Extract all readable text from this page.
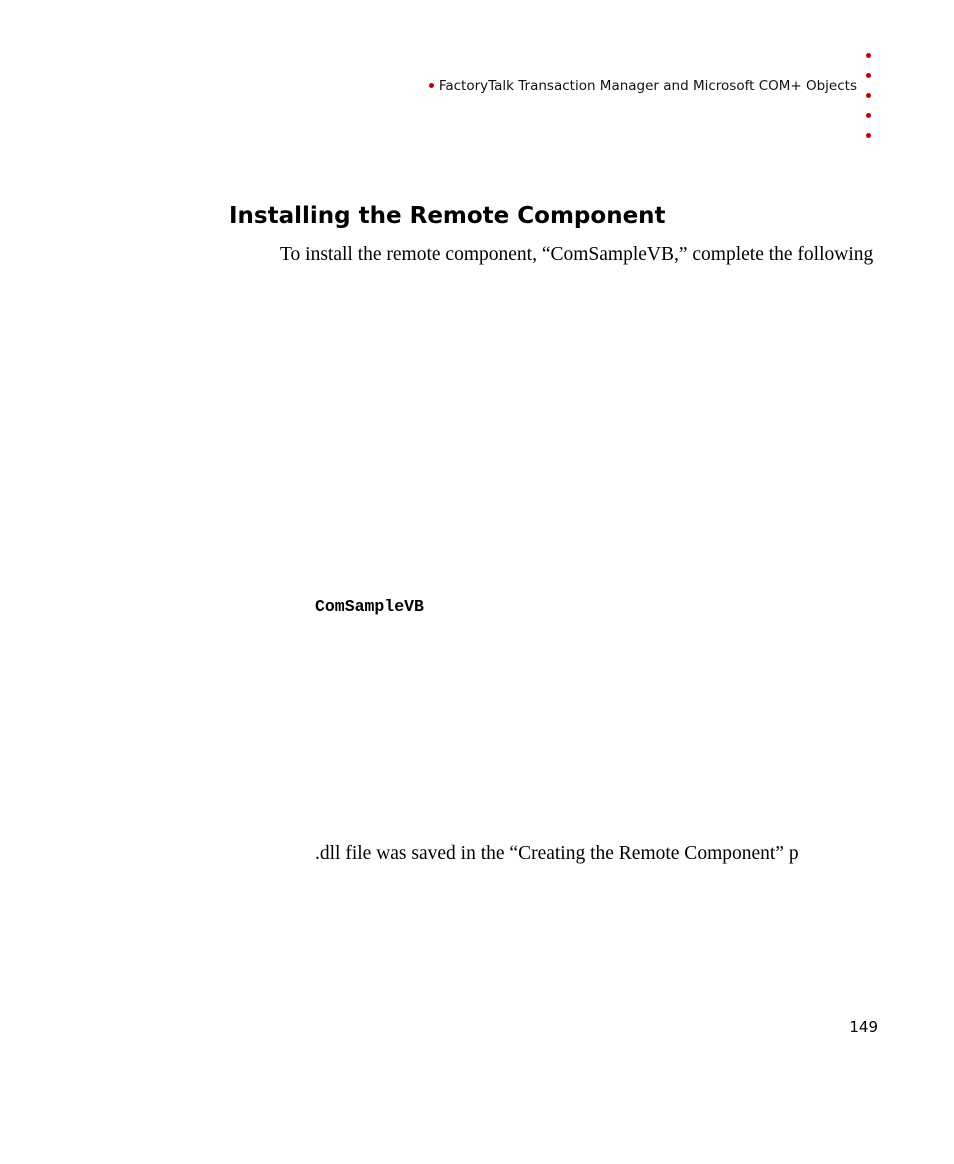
FactoryTalk Transaction Manager and Microsoft COM+ Objects
Installing the Remote Component

To install the remote component, “ComSampleVB,” complete the following

ComSampleVB

.dll file was saved in the “Creating the Remote Component” p

149
